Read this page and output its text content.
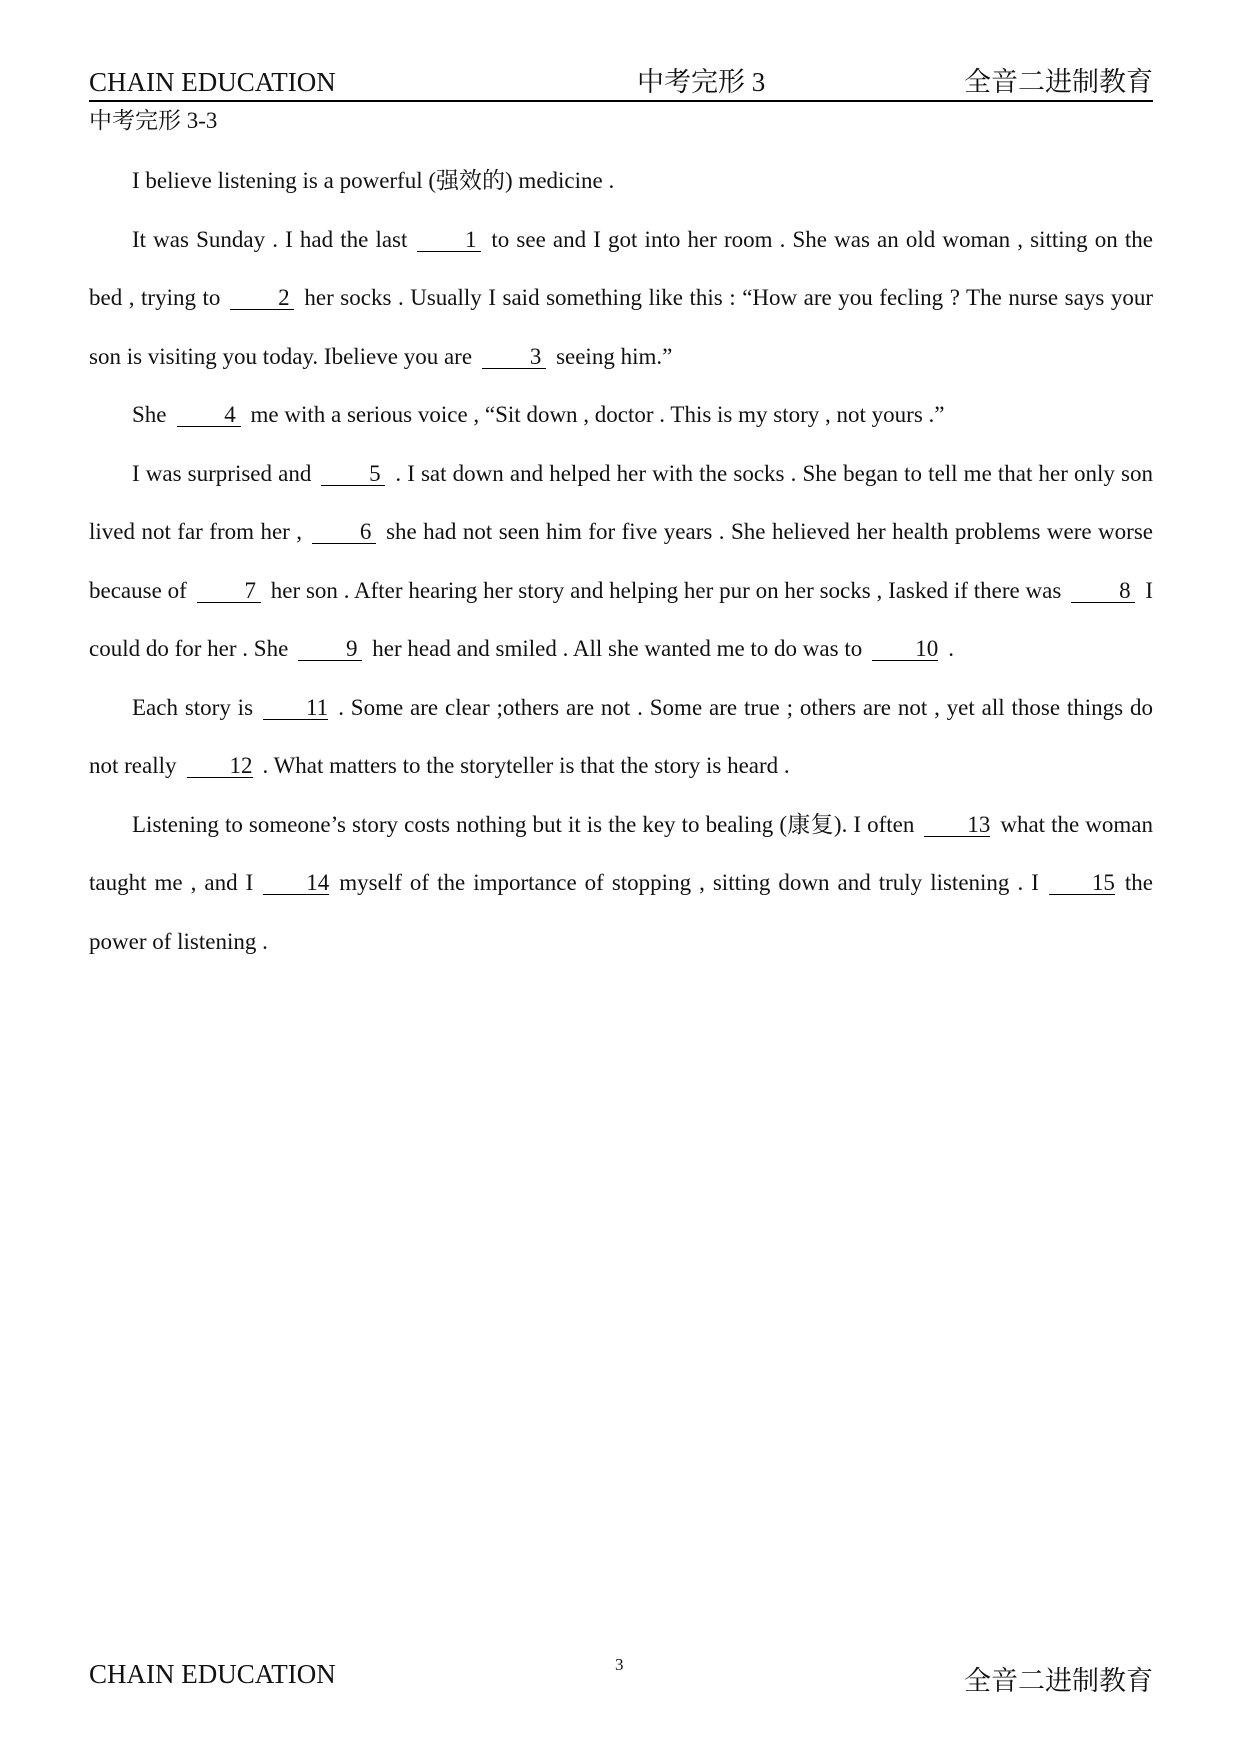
CHAIN EDUCATION	中考完形 3	全音二进制教育
中考完形 3-3

I believe listening is a powerful (强效的) medicine .

It was Sunday . I had the last	1 to see and I got into her room . She was an old woman , sitting on the bed , trying to	2 her socks . Usually I said something like this : “How are you fecling ? The nurse says your son is visiting you today. Ibelieve you are	3 seeing him.”

She	4 me with a serious voice , “Sit down , doctor . This is my story , not yours .”

I was surprised and	5 . I sat down and helped her with the socks . She began to tell me that her only son lived not far from her ,	6 she had not seen him for five years . She helieved her health problems were worse because of	7 her son . After hearing her story and helping her pur on her socks , Iasked if there was	8 I could do for her . She	9 her head and smiled . All she wanted me to do was to 10 .

Each story is 11 . Some are clear ;others are not . Some are true ; others are not , yet all those things do not really 12 . What matters to the storyteller is that the story is heard .

Listening to someone’s story costs nothing but it is the key to bealing (康复). I often 13 what the woman taught me , and I 14 myself of the importance of stopping , sitting down and truly listening . I 15 the power of listening .

CHAIN EDUCATION	3
全音二进制教育
